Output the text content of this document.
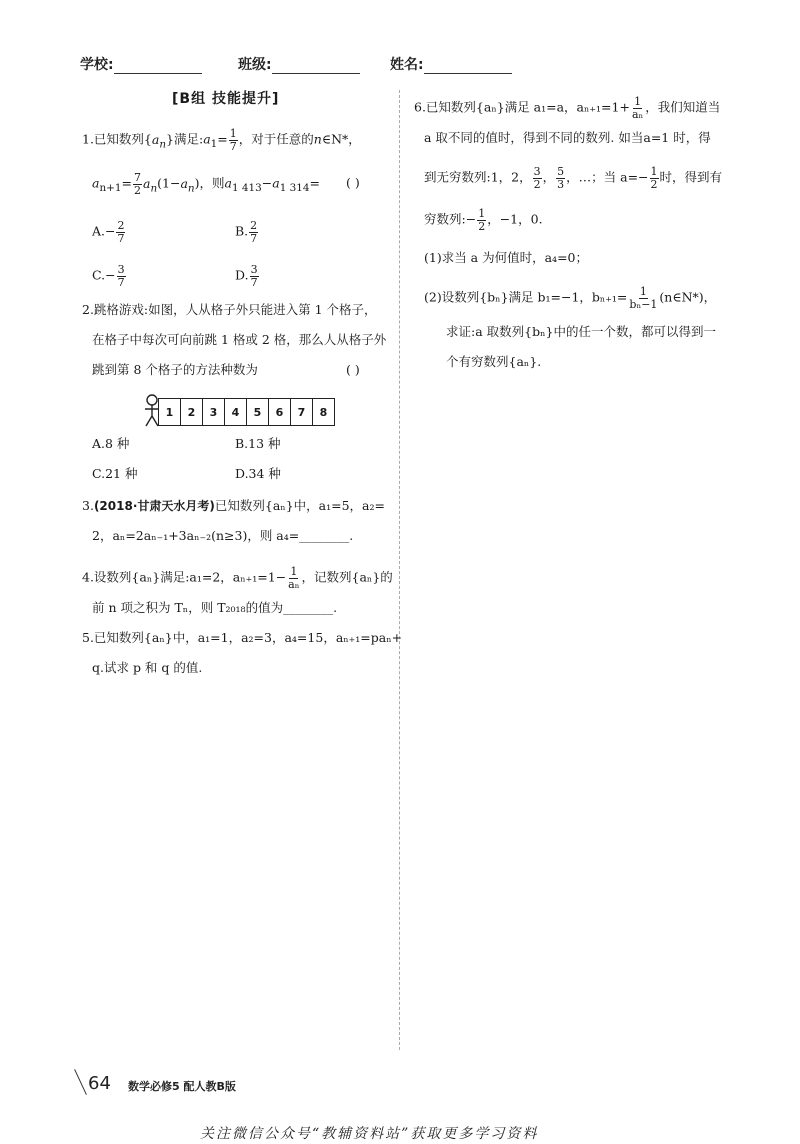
学校:	班级:	姓名:
[B组 技能提升]
1.已知数列$\{a_n\}$满足$:a_1= \frac{1}{7}$ ，对于任意的n∈N*，
$a_{n+1}= \frac{7}{2} a_n(1-a_n)$，则$a_{1 413}-a_{1 314}=$ ( )
$A.- \frac{2}{7}$	B. $\frac{2}{7}$
$C.- \frac{3}{7}$	D. $\frac{3}{7}$
2.跳格游戏:如图，人从格子外只能进入第 1 个格子，
在格子中每次可向前跳 1 格或 2 格，那么人从格子外
跳到第 8 个格子的方法种数为	( )
1	2	3	4	5	6	7	8
A.8 种	B.13 种
C.21 种	D.34 种
3.(2018·甘肃天水月考)已知数列{aₙ}中，a₁=5，a₂=
2，aₙ=2aₙ₋₁+3aₙ₋₂(n≥3)，则 a₄=________.
4.设数列{aₙ}满足:a₁=2，$a_{n+1}=1- \frac{1}{\text{aₙ}}$ ，记数列{aₙ}的
前 n 项之积为 Tₙ，则 T₂₀₁₈的值为________.
5.已知数列{aₙ}中，a₁=1，a₂=3，a₄=15，aₙ₊₁=paₙ+
q.试求 p 和 q 的值.
6.已知数列{aₙ}满足 a₁=a，$a_{n+1}=1+ \frac{1}{\text{aₙ}}$ ，我们知道当
a 取不同的值时，得到不同的数列. 如当a=1 时，得
到无穷数列:1，2， $\frac{3}{2}$ ， $\frac{5}{3}$ ，…；当 $a=- \frac{1}{2}$ 时，得到有
穷数列:− $\frac{1}{2}$ ，−1，0.
(1)求当 a 为何值时，a₄=0；
(2)设数列{bₙ}满足 b₁=−1，$b_{n+1}= \frac{1}{\text{bₙ−1}}$ (n∈N*)，
求证:a 取数列{bₙ}中的任一个数，都可以得到一
个有穷数列{aₙ}.
64 数学必修5 配人教B版
关注微信公众号“教辅资料站”获取更多学习资料
